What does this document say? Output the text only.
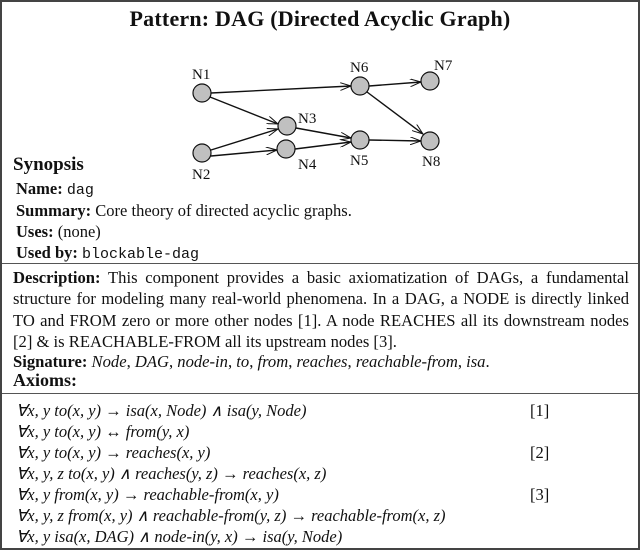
Pattern: DAG (Directed Acyclic Graph)
N1
N2
N3
N4 N5
N6	N7
N8
Synopsis
Name: dag
Summary: Core theory of directed acyclic graphs.
Uses: (none)
Used by: blockable-dag
Description: This component provides a basic axiomatization of DAGs, a fundamental structure for modeling many real-world phenomena. In a DAG, a NODE is directly linked TO and FROM zero or more other nodes [1]. A node REACHES all its downstream nodes [2] & is REACHABLE-FROM all its upstream nodes [3].
Signature: Node, DAG, node-in, to, from, reaches, reachable-from, isa.
Axioms:
∀x, y to(x, y) → isa(x, Node) ∧ isa(y, Node)	[1]
∀x, y to(x, y) ↔ from(y, x)
∀x, y to(x, y) → reaches(x, y)	[2]
∀x, y, z to(x, y) ∧ reaches(y, z) → reaches(x, z)
∀x, y from(x, y) → reachable-from(x, y)	[3]
∀x, y, z from(x, y) ∧ reachable-from(y, z) → reachable-from(x, z)
∀x, y isa(x, DAG) ∧ node-in(y, x) → isa(y, Node)
